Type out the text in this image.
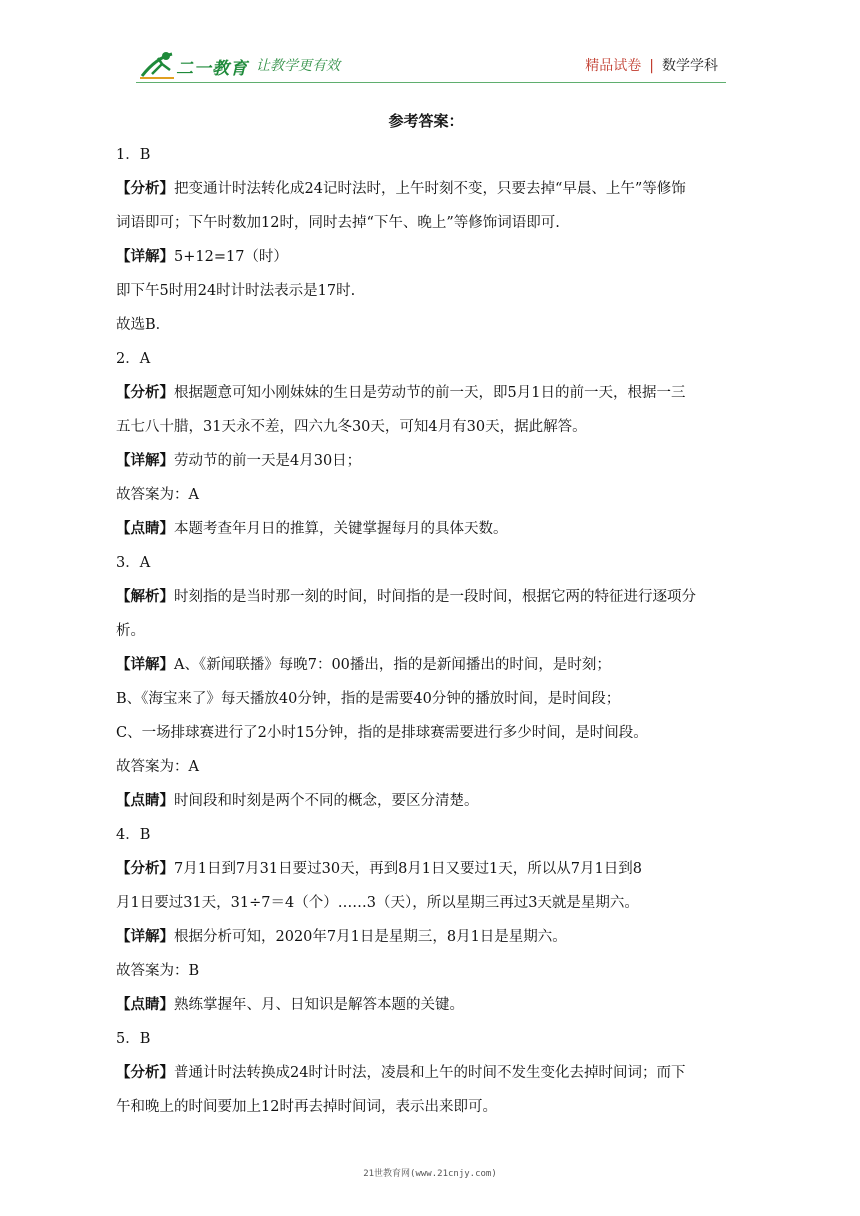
二一教育 让教学更有效	精品试卷 | 数学学科
参考答案：

1．B

【分析】把变通计时法转化成24记时法时，上午时刻不变，只要去掉“早晨、上午”等修饰

词语即可；下午时数加12时，同时去掉“下午、晚上”等修饰词语即可.

【详解】5+12=17（时）

即下午5时用24时计时法表示是17时.

故选B．

2．A

【分析】根据题意可知小刚妹妹的生日是劳动节的前一天，即5月1日的前一天，根据一三

五七八十腊，31天永不差，四六九冬30天，可知4月有30天，据此解答。

【详解】劳动节的前一天是4月30日；

故答案为：A

【点睛】本题考查年月日的推算，关键掌握每月的具体天数。

3．A

【解析】时刻指的是当时那一刻的时间，时间指的是一段时间，根据它两的特征进行逐项分

析。

【详解】A、《新闻联播》每晚7：00播出，指的是新闻播出的时间，是时刻；

B、《海宝来了》每天播放40分钟，指的是需要40分钟的播放时间，是时间段；

C、一场排球赛进行了2小时15分钟，指的是排球赛需要进行多少时间，是时间段。

故答案为：A

【点睛】时间段和时刻是两个不同的概念，要区分清楚。

4．B

【分析】7月1日到7月31日要过30天，再到8月1日又要过1天，所以从7月1日到8

月1日要过31天，31÷7＝4（个）……3（天），所以星期三再过3天就是星期六。

【详解】根据分析可知，2020年7月1日是星期三，8月1日是星期六。

故答案为：B

【点睛】熟练掌握年、月、日知识是解答本题的关键。

5．B

【分析】普通计时法转换成24时计时法，凌晨和上午的时间不发生变化去掉时间词；而下

午和晚上的时间要加上12时再去掉时间词，表示出来即可。

21世教育网(www.21cnjy.com)
